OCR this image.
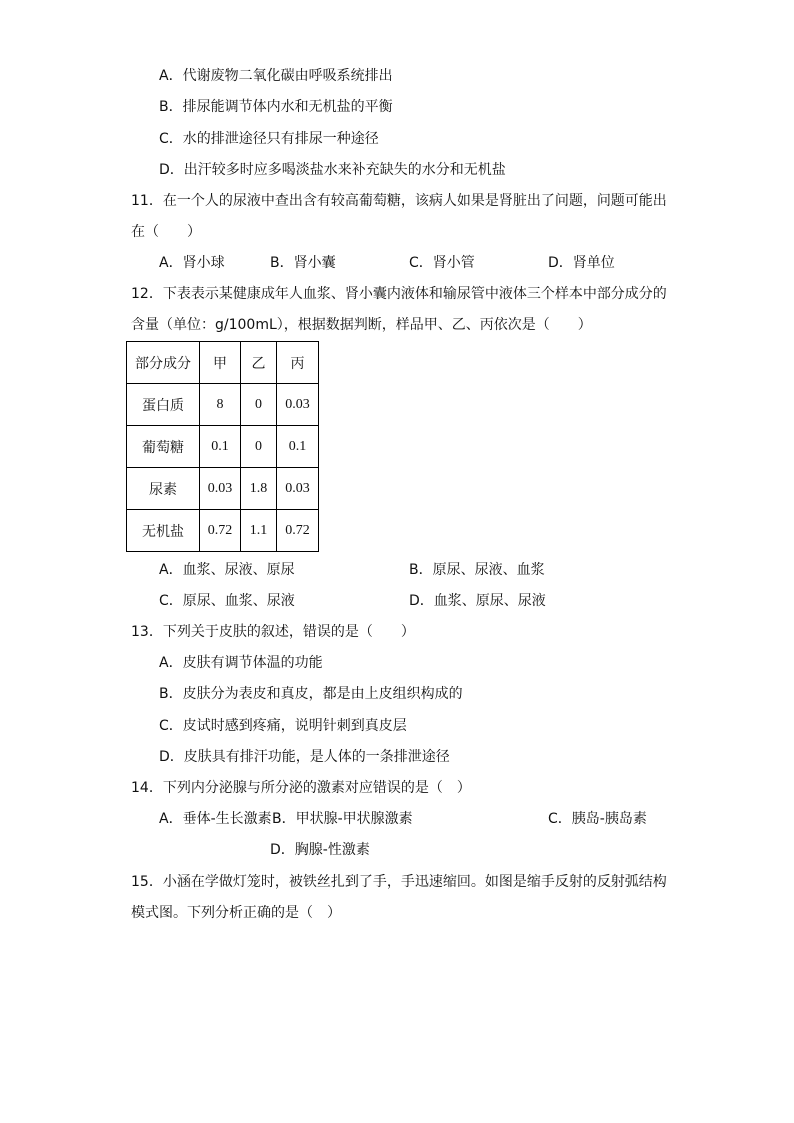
A．代谢废物二氧化碳由呼吸系统排出
B．排尿能调节体内水和无机盐的平衡
C．水的排泄途径只有排尿一种途径
D．出汗较多时应多喝淡盐水来补充缺失的水分和无机盐
11．在一个人的尿液中查出含有较高葡萄糖，该病人如果是肾脏出了问题，问题可能出
在（　　）
A．肾小球	B．肾小囊	C．肾小管	D．肾单位
12．下表表示某健康成年人血浆、肾小囊内液体和输尿管中液体三个样本中部分成分的
含量（单位：g/100mL），根据数据判断，样品甲、乙、丙依次是（　　）
部分成分	甲	乙	丙
蛋白质	8	0	0.03
葡萄糖	0.1	0	0.1
尿素	0.03	1.8	0.03
无机盐	0.72	1.1	0.72
A．血浆、尿液、原尿	B．原尿、尿液、血浆
C．原尿、血浆、尿液	D．血浆、原尿、尿液
13．下列关于皮肤的叙述，错误的是（　　）
A．皮肤有调节体温的功能
B．皮肤分为表皮和真皮，都是由上皮组织构成的
C．皮试时感到疼痛，说明针刺到真皮层
D．皮肤具有排汗功能，是人体的一条排泄途径
14．下列内分泌腺与所分泌的激素对应错误的是（　）
A．垂体-生长激素 B．甲状腺-甲状腺激素	C．胰岛-胰岛素
D．胸腺-性激素
15．小涵在学做灯笼时，被铁丝扎到了手，手迅速缩回。如图是缩手反射的反射弧结构
模式图。下列分析正确的是（　）
